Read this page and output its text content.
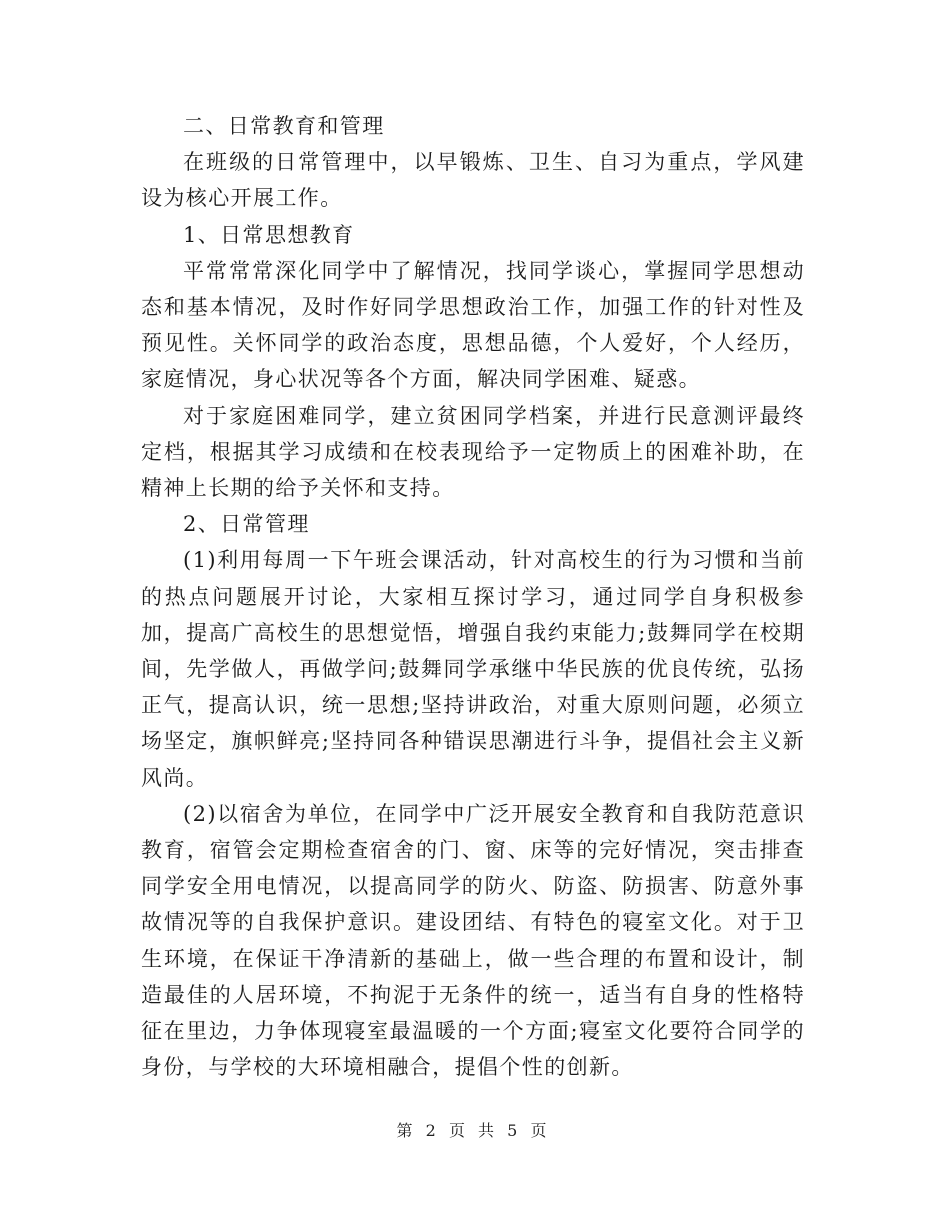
二、日常教育和管理

在班级的日常管理中，以早锻炼、卫生、自习为重点，学风建设为核心开展工作。

1、日常思想教育

平常常常深化同学中了解情况，找同学谈心，掌握同学思想动态和基本情况，及时作好同学思想政治工作，加强工作的针对性及预见性。关怀同学的政治态度，思想品德，个人爱好，个人经历，家庭情况，身心状况等各个方面，解决同学困难、疑惑。

对于家庭困难同学，建立贫困同学档案，并进行民意测评最终定档，根据其学习成绩和在校表现给予一定物质上的困难补助，在精神上长期的给予关怀和支持。

2、日常管理

(1)利用每周一下午班会课活动，针对高校生的行为习惯和当前的热点问题展开讨论，大家相互探讨学习，通过同学自身积极参加，提高广高校生的思想觉悟，增强自我约束能力;鼓舞同学在校期间，先学做人，再做学问;鼓舞同学承继中华民族的优良传统，弘扬正气，提高认识，统一思想;坚持讲政治，对重大原则问题，必须立场坚定，旗帜鲜亮;坚持同各种错误思潮进行斗争，提倡社会主义新风尚。

(2)以宿舍为单位，在同学中广泛开展安全教育和自我防范意识教育，宿管会定期检查宿舍的门、窗、床等的完好情况，突击排查同学安全用电情况，以提高同学的防火、防盗、防损害、防意外事故情况等的自我保护意识。建设团结、有特色的寝室文化。对于卫生环境，在保证干净清新的基础上，做一些合理的布置和设计，制造最佳的人居环境，不拘泥于无条件的统一，适当有自身的性格特征在里边，力争体现寝室最温暖的一个方面;寝室文化要符合同学的身份，与学校的大环境相融合，提倡个性的创新。

第 2 页 共 5 页
